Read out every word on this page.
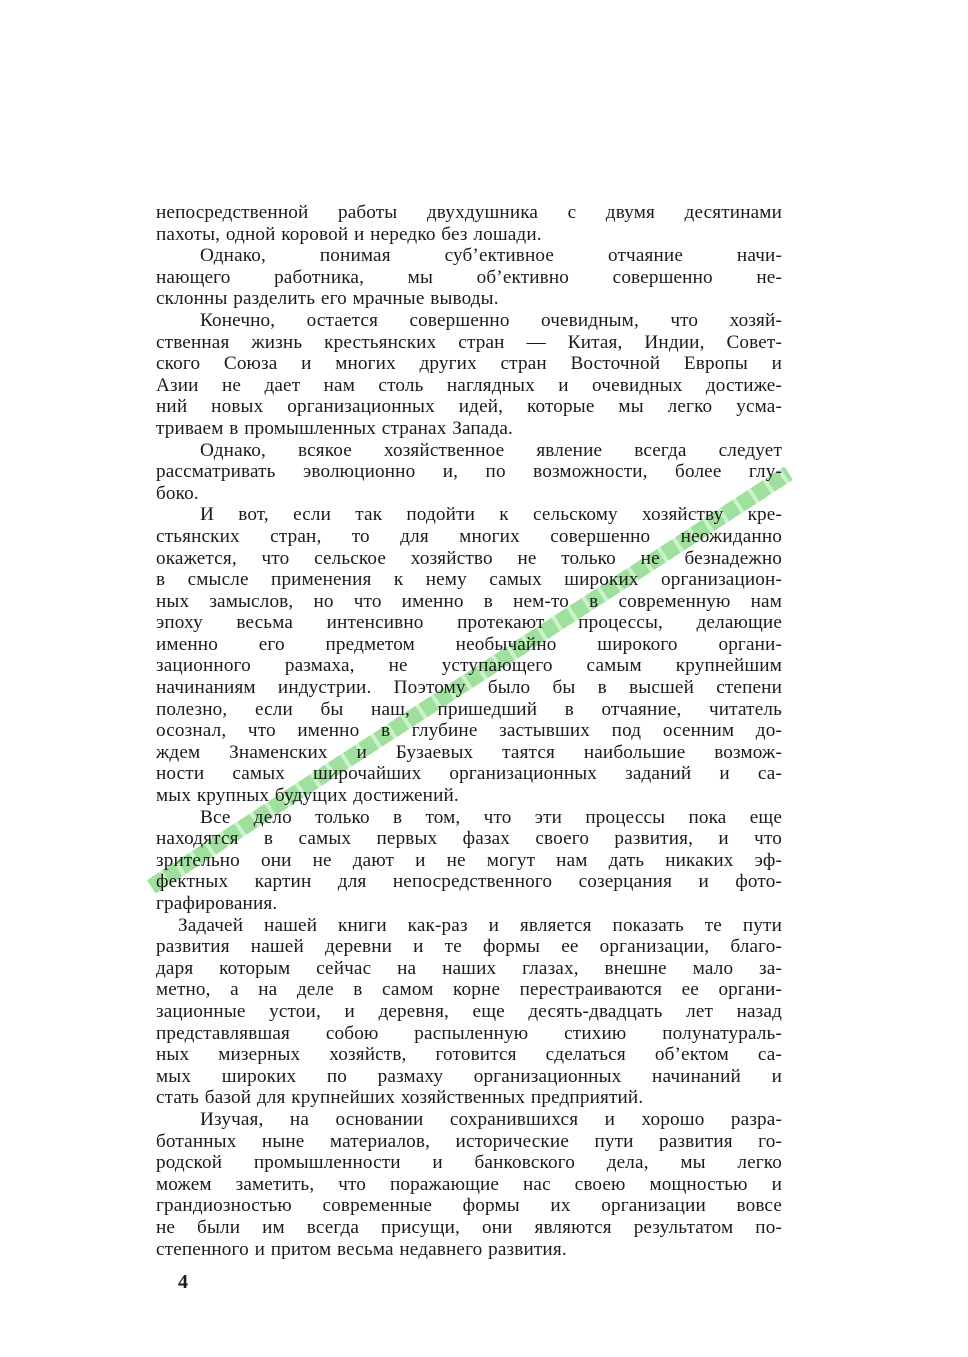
непосредственной работы двухдушника с двумя десятинами
пахоты, одной коровой и нередко без лошади.
Однако, понимая субʼективное отчаяние начи-
нающего работника, мы обʼективно совершенно не-
склонны разделить его мрачные выводы.
Конечно, остается совершенно очевидным, что хозяй-
ственная жизнь крестьянских стран — Китая, Индии, Совет-
ского Союза и многих других стран Восточной Европы и
Азии не дает нам столь наглядных и очевидных достиже-
ний новых организационных идей, которые мы легко усма-
триваем в промышленных странах Запада.
Однако, всякое хозяйственное явление всегда следует
рассматривать эволюционно и, по возможности, более глу-
боко.
И вот, если так подойти к сельскому хозяйству кре-
стьянских стран, то для многих совершенно неожиданно
окажется, что сельское хозяйство не только не безнадежно
в смысле применения к нему самых широких организацион-
ных замыслов, но что именно в нем-то в современную нам
эпоху весьма интенсивно протекают процессы, делающие
именно его предметом необычайно широкого органи-
зационного размаха, не уступающего самым крупнейшим
начинаниям индустрии. Поэтому было бы в высшей степени
полезно, если бы наш, пришедший в отчаяние, читатель
осознал, что именно в глубине застывших под осенним до-
ждем Знаменских и Бузаевых таятся наибольшие возмож-
ности самых широчайших организационных заданий и са-
мых крупных будущих достижений.
Все дело только в том, что эти процессы пока еще
находятся в самых первых фазах своего развития, и что
зрительно они не дают и не могут нам дать никаких эф-
фектных картин для непосредственного созерцания и фото-
графирования.
Задачей нашей книги как-раз и является показать те пути
развития нашей деревни и те формы ее организации, благо-
даря которым сейчас на наших глазах, внешне мало за-
метно, а на деле в самом корне перестраиваются ее органи-
зационные устои, и деревня, еще десять-двадцать лет назад
представлявшая собою распыленную стихию полунатураль-
ных мизерных хозяйств, готовится сделаться обʼектом са-
мых широких по размаху организационных начинаний и
стать базой для крупнейших хозяйственных предприятий.
Изучая, на основании сохранившихся и хорошо разра-
ботанных ныне материалов, исторические пути развития го-
родской промышленности и банковского дела, мы легко
можем заметить, что поражающие нас своею мощностью и
грандиозностью современные формы их организации вовсе
не были им всегда присущи, они являются результатом по-
степенного и притом весьма недавнего развития.
4
